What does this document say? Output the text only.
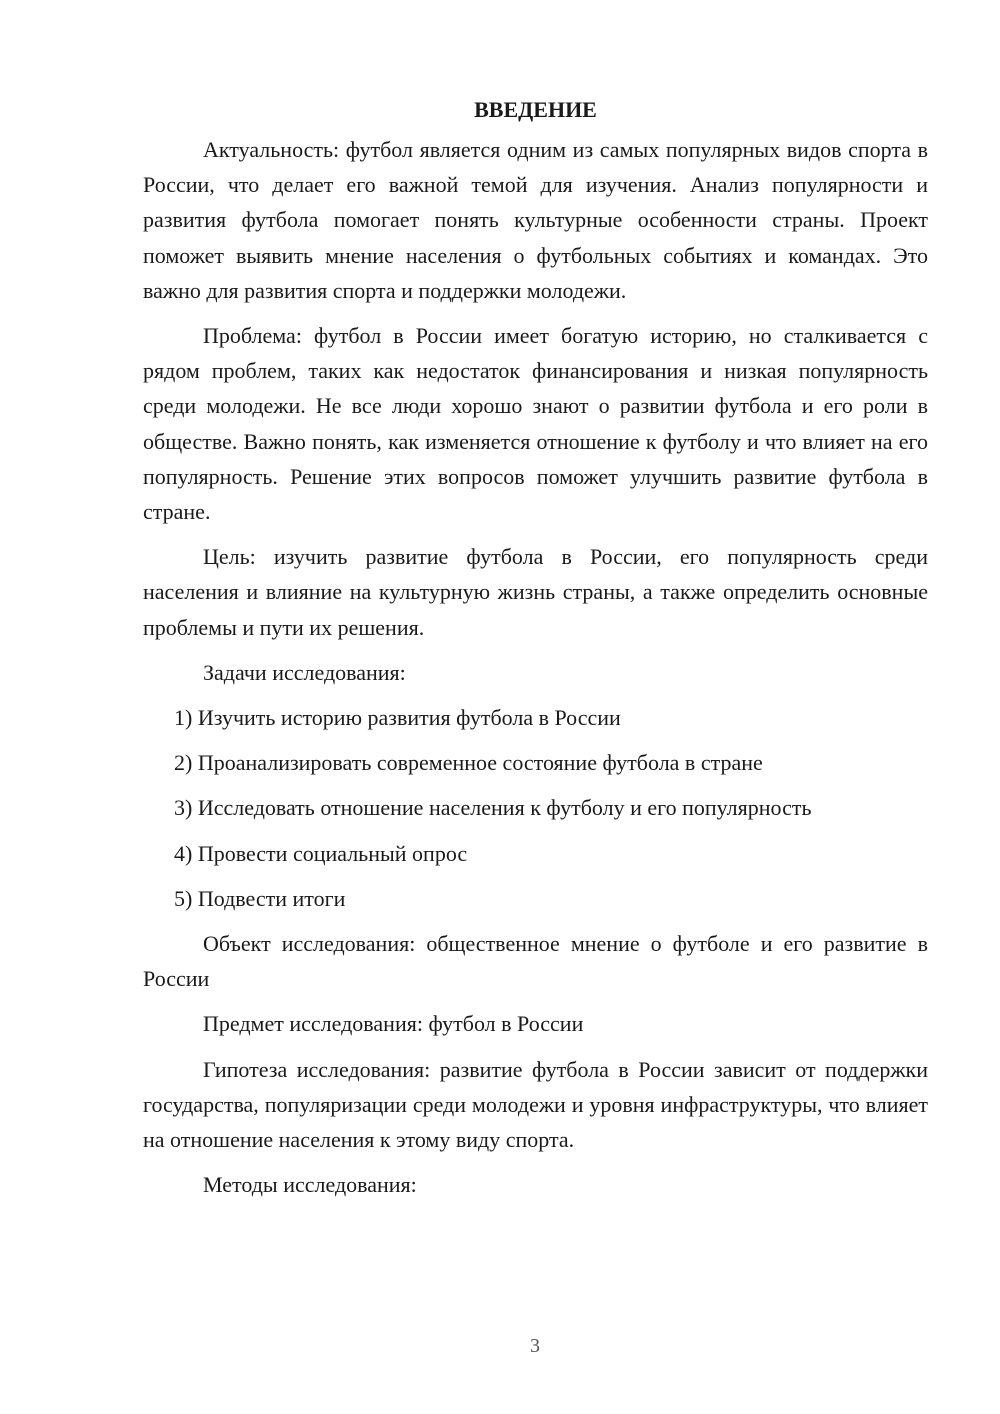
ВВЕДЕНИЕ

Актуальность: футбол является одним из самых популярных видов спорта в России, что делает его важной темой для изучения. Анализ популярности и развития футбола помогает понять культурные особенности страны. Проект поможет выявить мнение населения о футбольных событиях и командах. Это важно для развития спорта и поддержки молодежи.

Проблема: футбол в России имеет богатую историю, но сталкивается с рядом проблем, таких как недостаток финансирования и низкая популярность среди молодежи. Не все люди хорошо знают о развитии футбола и его роли в обществе. Важно понять, как изменяется отношение к футболу и что влияет на его популярность. Решение этих вопросов поможет улучшить развитие футбола в стране.

Цель: изучить развитие футбола в России, его популярность среди населения и влияние на культурную жизнь страны, а также определить основные проблемы и пути их решения.

Задачи исследования:

1) Изучить историю развития футбола в России

2) Проанализировать современное состояние футбола в стране

3) Исследовать отношение населения к футболу и его популярность

4) Провести социальный опрос

5) Подвести итоги

Объект исследования: общественное мнение о футболе и его развитие в России

Предмет исследования: футбол в России

Гипотеза исследования: развитие футбола в России зависит от поддержки государства, популяризации среди молодежи и уровня инфраструктуры, что влияет на отношение населения к этому виду спорта.

Методы исследования:

3
